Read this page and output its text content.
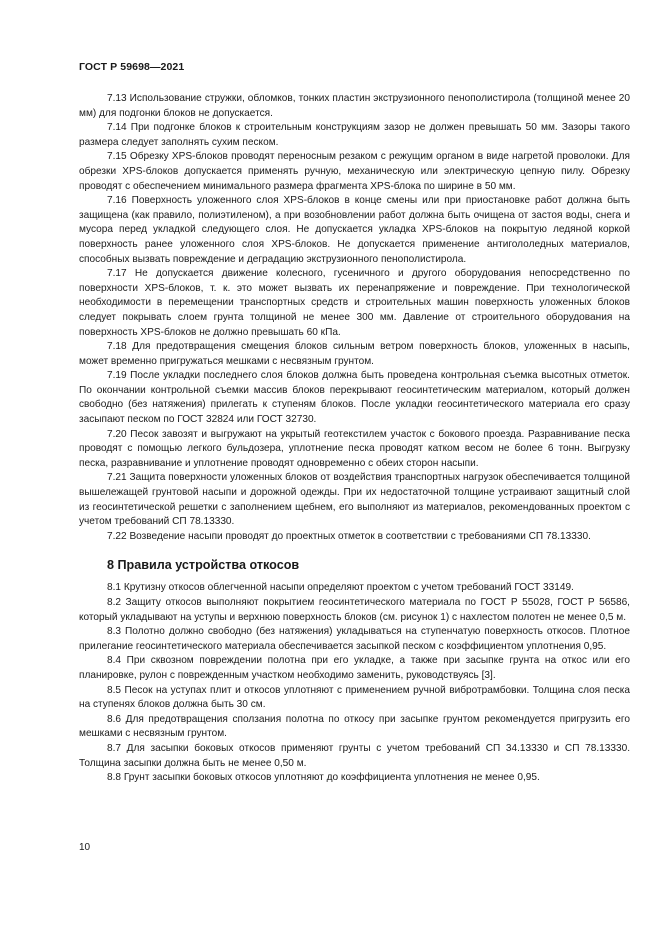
ГОСТ Р 59698—2021

7.13 Использование стружки, обломков, тонких пластин экструзионного пенополистирола (толщиной менее 20 мм) для подгонки блоков не допускается.

7.14 При подгонке блоков к строительным конструкциям зазор не должен превышать 50 мм. Зазоры такого размера следует заполнять сухим песком.

7.15 Обрезку XPS-блоков проводят переносным резаком с режущим органом в виде нагретой проволоки. Для обрезки XPS-блоков допускается применять ручную, механическую или электрическую цепную пилу. Обрезку проводят с обеспечением минимального размера фрагмента XPS-блока по ширине в 50 мм.

7.16 Поверхность уложенного слоя XPS-блоков в конце смены или при приостановке работ должна быть защищена (как правило, полиэтиленом), а при возобновлении работ должна быть очищена от застоя воды, снега и мусора перед укладкой следующего слоя. Не допускается укладка XPS-блоков на покрытую ледяной коркой поверхность ранее уложенного слоя XPS-блоков. Не допускается применение антигололедных материалов, способных вызвать повреждение и деградацию экструзионного пенополистирола.

7.17 Не допускается движение колесного, гусеничного и другого оборудования непосредственно по поверхности XPS-блоков, т. к. это может вызвать их перенапряжение и повреждение. При технологической необходимости в перемещении транспортных средств и строительных машин поверхность уложенных блоков следует покрывать слоем грунта толщиной не менее 300 мм. Давление от строительного оборудования на поверхность XPS-блоков не должно превышать 60 кПа.

7.18 Для предотвращения смещения блоков сильным ветром поверхность блоков, уложенных в насыпь, может временно пригружаться мешками с несвязным грунтом.

7.19 После укладки последнего слоя блоков должна быть проведена контрольная съемка высотных отметок. По окончании контрольной съемки массив блоков перекрывают геосинтетическим материалом, который должен свободно (без натяжения) прилегать к ступеням блоков. После укладки геосинтетического материала его сразу засыпают песком по ГОСТ 32824 или ГОСТ 32730.

7.20 Песок завозят и выгружают на укрытый геотекстилем участок с бокового проезда. Разравнивание песка проводят с помощью легкого бульдозера, уплотнение песка проводят катком весом не более 6 тонн. Выгрузку песка, разравнивание и уплотнение проводят одновременно с обеих сторон насыпи.

7.21 Защита поверхности уложенных блоков от воздействия транспортных нагрузок обеспечивается толщиной вышележащей грунтовой насыпи и дорожной одежды. При их недостаточной толщине устраивают защитный слой из геосинтетической решетки с заполнением щебнем, его выполняют из материалов, рекомендованных проектом с учетом требований СП 78.13330.

7.22 Возведение насыпи проводят до проектных отметок в соответствии с требованиями СП 78.13330.

8 Правила устройства откосов

8.1 Крутизну откосов облегченной насыпи определяют проектом с учетом требований ГОСТ 33149.

8.2 Защиту откосов выполняют покрытием геосинтетического материала по ГОСТ Р 55028, ГОСТ Р 56586, который укладывают на уступы и верхнюю поверхность блоков (см. рисунок 1) с нахлестом полотен не менее 0,5 м.

8.3 Полотно должно свободно (без натяжения) укладываться на ступенчатую поверхность откосов. Плотное прилегание геосинтетического материала обеспечивается засыпкой песком с коэффициентом уплотнения 0,95.

8.4 При сквозном повреждении полотна при его укладке, а также при засыпке грунта на откос или его планировке, рулон с поврежденным участком необходимо заменить, руководствуясь [3].

8.5 Песок на уступах плит и откосов уплотняют с применением ручной вибротрамбовки. Толщина слоя песка на ступенях блоков должна быть 30 см.

8.6 Для предотвращения сползания полотна по откосу при засыпке грунтом рекомендуется пригрузить его мешками с несвязным грунтом.

8.7 Для засыпки боковых откосов применяют грунты с учетом требований СП 34.13330 и СП 78.13330. Толщина засыпки должна быть не менее 0,50 м.

8.8 Грунт засыпки боковых откосов уплотняют до коэффициента уплотнения не менее 0,95.

10
